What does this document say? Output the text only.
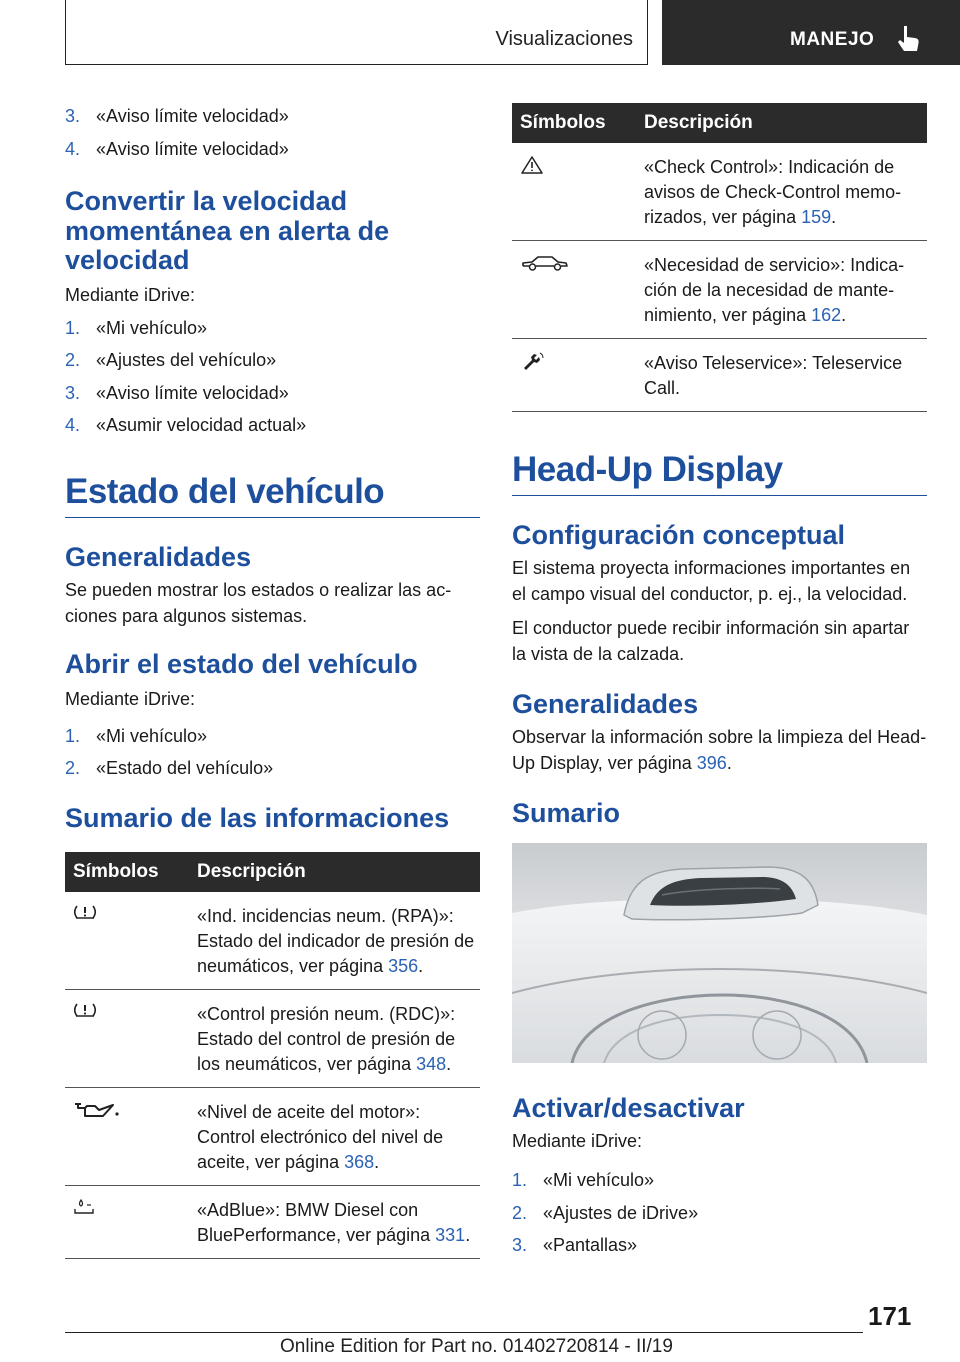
Visualizaciones	MANEJO
3. «Aviso límite velocidad»
4. «Aviso límite velocidad»
Convertir la velocidad momentánea en alerta de velocidad

Mediante iDrive:

1. «Mi vehículo»
2. «Ajustes del vehículo»
3. «Aviso límite velocidad»
4. «Asumir velocidad actual»
Estado del vehículo
Generalidades

Se pueden mostrar los estados o realizar las acciones para algunos sistemas.

Abrir el estado del vehículo

Mediante iDrive:

1. «Mi vehículo»
2. «Estado del vehículo»
Sumario de las informaciones
Símbolos	Descripción

	«Ind. incidencias neum. (RPA)»: Estado del indicador de presión de neumáticos, ver página 356.

	«Control presión neum. (RDC)»: Estado del control de presión de los neumáticos, ver página 348.

	«Nivel de aceite del motor»: Control electrónico del nivel de aceite, ver página 368.

	«AdBlue»: BMW Diesel con BluePerformance, ver página 331.
Símbolos	Descripción

	«Check Control»: Indicación de avisos de Check-Control memorizados, ver página 159.

	«Necesidad de servicio»: Indicación de la necesidad de mantenimiento, ver página 162.

	«Aviso Teleservice»: Teleservice Call.
Head-Up Display
Configuración conceptual

El sistema proyecta informaciones importantes en el campo visual del conductor, p. ej., la velocidad.

El conductor puede recibir información sin apartar la vista de la calzada.

Generalidades

Observar la información sobre la limpieza del Head-Up Display, ver página 396.

Sumario
Activar/desactivar

Mediante iDrive:

1. «Mi vehículo»
2. «Ajustes de iDrive»
3. «Pantallas»
171
Online Edition for Part no. 01402720814 - II/19
